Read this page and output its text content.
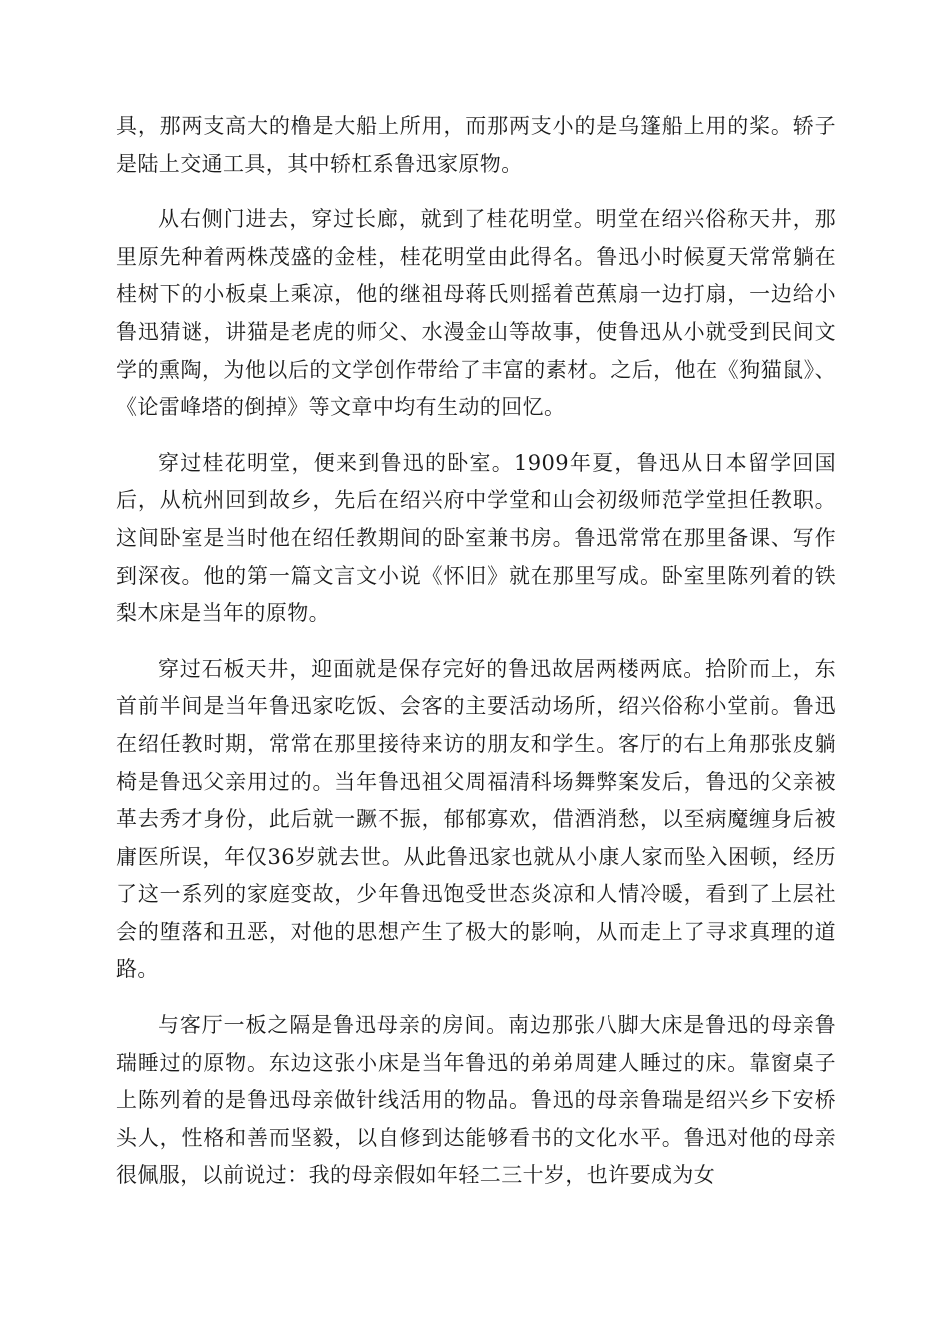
具，那两支高大的橹是大船上所用，而那两支小的是乌篷船上用的桨。轿子是陆上交通工具，其中轿杠系鲁迅家原物。

从右侧门进去，穿过长廊，就到了桂花明堂。明堂在绍兴俗称天井，那里原先种着两株茂盛的金桂，桂花明堂由此得名。鲁迅小时候夏天常常躺在桂树下的小板桌上乘凉，他的继祖母蒋氏则摇着芭蕉扇一边打扇，一边给小鲁迅猜谜，讲猫是老虎的师父、水漫金山等故事，使鲁迅从小就受到民间文学的熏陶，为他以后的文学创作带给了丰富的素材。之后，他在《狗猫鼠》、《论雷峰塔的倒掉》等文章中均有生动的回忆。

穿过桂花明堂，便来到鲁迅的卧室。1909年夏，鲁迅从日本留学回国后，从杭州回到故乡，先后在绍兴府中学堂和山会初级师范学堂担任教职。这间卧室是当时他在绍任教期间的卧室兼书房。鲁迅常常在那里备课、写作到深夜。他的第一篇文言文小说《怀旧》就在那里写成。卧室里陈列着的铁梨木床是当年的原物。

穿过石板天井，迎面就是保存完好的鲁迅故居两楼两底。拾阶而上，东首前半间是当年鲁迅家吃饭、会客的主要活动场所，绍兴俗称小堂前。鲁迅在绍任教时期，常常在那里接待来访的朋友和学生。客厅的右上角那张皮躺椅是鲁迅父亲用过的。当年鲁迅祖父周福清科场舞弊案发后，鲁迅的父亲被革去秀才身份，此后就一蹶不振，郁郁寡欢，借酒消愁，以至病魔缠身后被庸医所误，年仅36岁就去世。从此鲁迅家也就从小康人家而坠入困顿，经历了这一系列的家庭变故，少年鲁迅饱受世态炎凉和人情冷暖，看到了上层社会的堕落和丑恶，对他的思想产生了极大的影响，从而走上了寻求真理的道路。

与客厅一板之隔是鲁迅母亲的房间。南边那张八脚大床是鲁迅的母亲鲁瑞睡过的原物。东边这张小床是当年鲁迅的弟弟周建人睡过的床。靠窗桌子上陈列着的是鲁迅母亲做针线活用的物品。鲁迅的母亲鲁瑞是绍兴乡下安桥头人，性格和善而坚毅，以自修到达能够看书的文化水平。鲁迅对他的母亲很佩服，以前说过：我的母亲假如年轻二三十岁，也许要成为女
